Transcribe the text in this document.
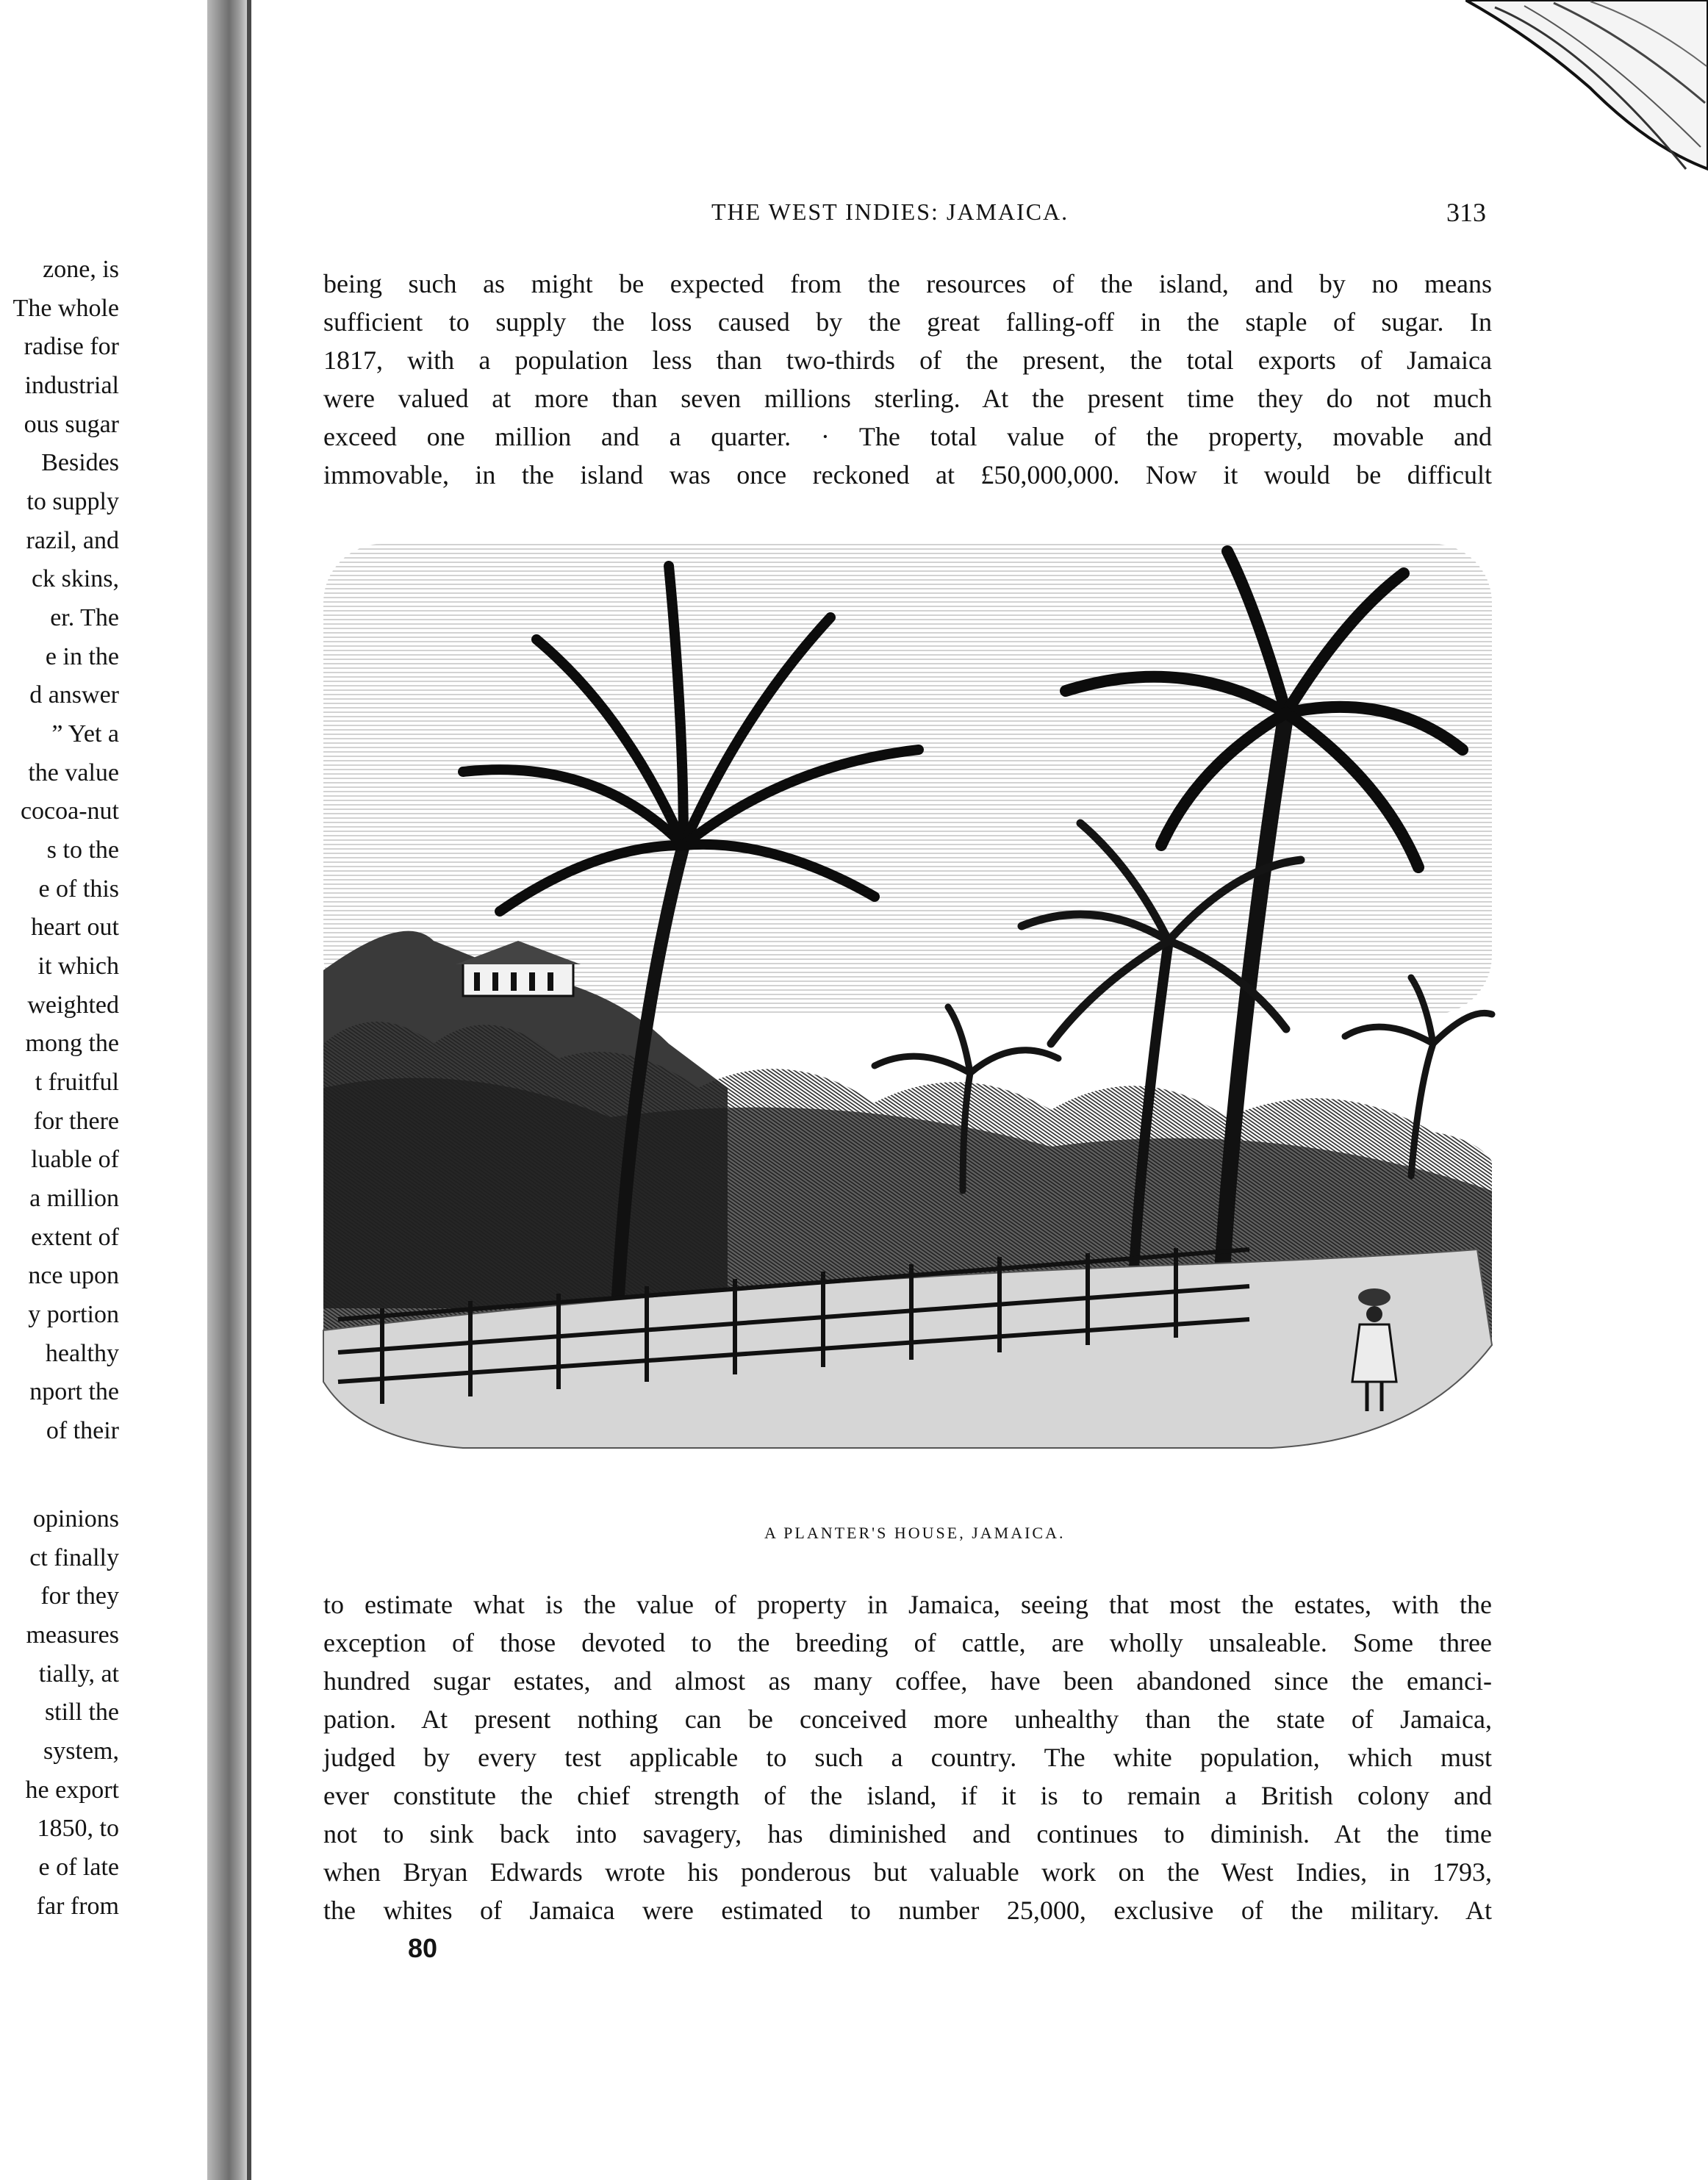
zone, is
The whole
radise for
industrial
ous sugar
Besides
to supply
razil, and
ck skins,
er. The
e in the
d answer
” Yet a
the value
cocoa-nut
s to the
e of this
heart out
it which
weighted
mong the
t fruitful
for there
luable of
a million
extent of
nce upon
y portion
healthy
nport the
of their
opinions
ct finally
for they
measures
tially, at
still the
system,
he export
1850, to
e of late
far from
THE WEST INDIES: JAMAICA.	313
being such as might be expected from the resources of the island, and by no means
sufficient to supply the loss caused by the great falling-off in the staple of sugar. In
1817, with a population less than two-thirds of the present, the total exports of Jamaica
were valued at more than seven millions sterling. At the present time they do not much
exceed one million and a quarter. · The total value of the property, movable and
immovable, in the island was once reckoned at £50,000,000. Now it would be difficult
A PLANTER'S HOUSE, JAMAICA.
to estimate what is the value of property in Jamaica, seeing that most the estates, with the
exception of those devoted to the breeding of cattle, are wholly unsaleable. Some three
hundred sugar estates, and almost as many coffee, have been abandoned since the emanci-
pation. At present nothing can be conceived more unhealthy than the state of Jamaica,
judged by every test applicable to such a country. The white population, which must
ever constitute the chief strength of the island, if it is to remain a British colony and
not to sink back into savagery, has diminished and continues to diminish. At the time
when Bryan Edwards wrote his ponderous but valuable work on the West Indies, in 1793,
the whites of Jamaica were estimated to number 25,000, exclusive of the military. At
80
